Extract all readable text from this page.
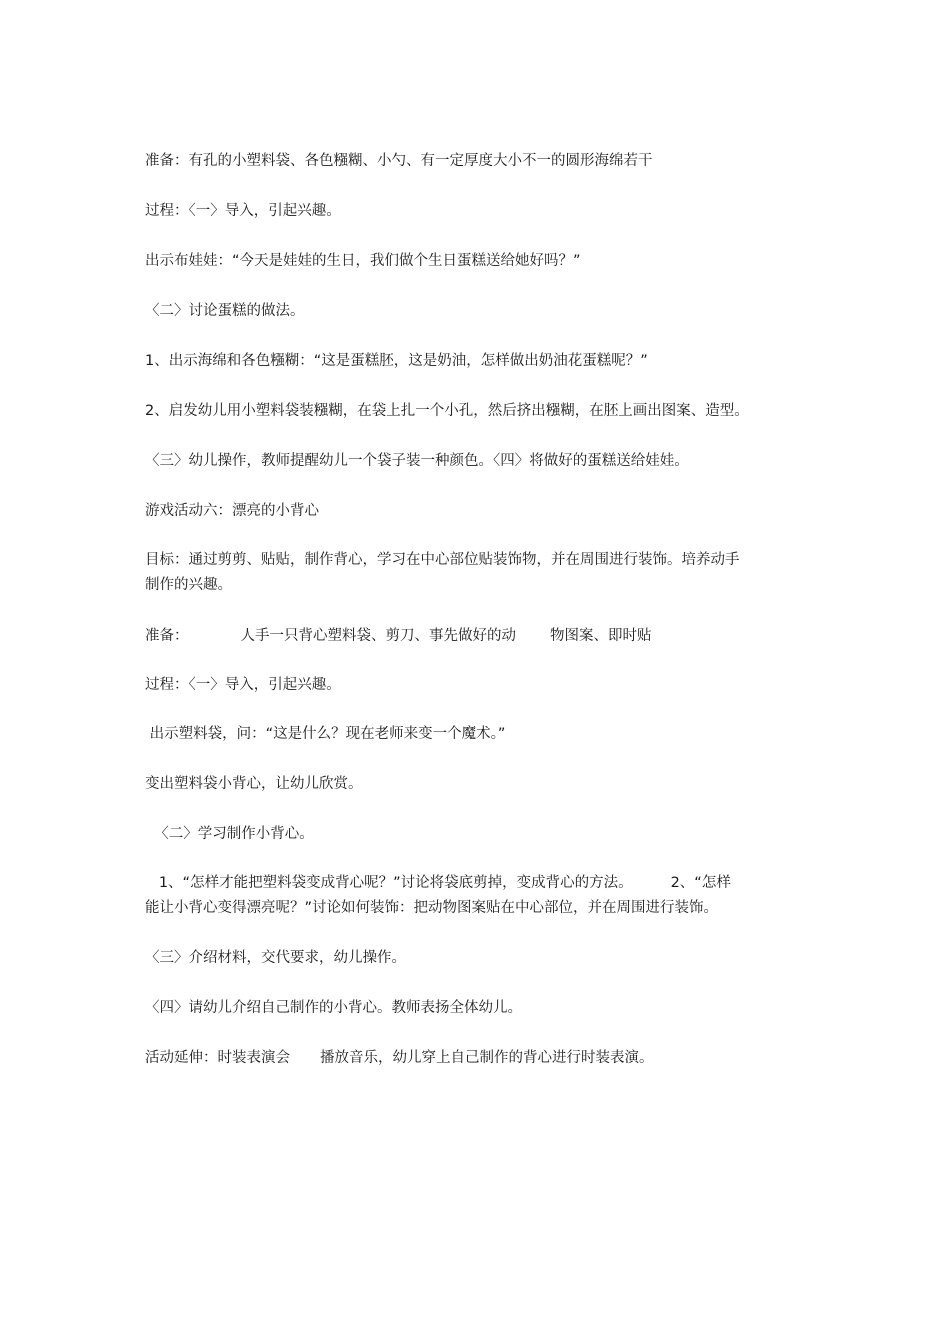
准备：有孔的小塑料袋、各色糨糊、小勺、有一定厚度大小不一的圆形海绵若干
过程：〈一〉导入，引起兴趣。
出示布娃娃：“今天是娃娃的生日，我们做个生日蛋糕送给她好吗？”
〈二〉讨论蛋糕的做法。
1、出示海绵和各色糨糊：“这是蛋糕胚，这是奶油，怎样做出奶油花蛋糕呢？”
2、启发幼儿用小塑料袋装糨糊，在袋上扎一个小孔，然后挤出糨糊，在胚上画出图案、造型。
〈三〉幼儿操作，教师提醒幼儿一个袋子装一种颜色。〈四〉将做好的蛋糕送给娃娃。
游戏活动六：漂亮的小背心
目标：通过剪剪、贴贴，制作背心，学习在中心部位贴装饰物，并在周围进行装饰。培养动手
制作的兴趣。
准备：	人手一只背心塑料袋、剪刀、事先做好的动 物图案、即时贴
过程：〈一〉导入，引起兴趣。
出示塑料袋，问：“这是什么？现在老师来变一个魔术。”
变出塑料袋小背心，让幼儿欣赏。
〈二〉学习制作小背心。
1、“怎样才能把塑料袋变成背心呢？”讨论将袋底剪掉，变成背心的方法。	2、“怎样
能让小背心变得漂亮呢？”讨论如何装饰：把动物图案贴在中心部位，并在周围进行装饰。
〈三〉介绍材料，交代要求，幼儿操作。
〈四〉请幼儿介绍自己制作的小背心。教师表扬全体幼儿。
活动延伸：时装表演会 播放音乐，幼儿穿上自己制作的背心进行时装表演。
